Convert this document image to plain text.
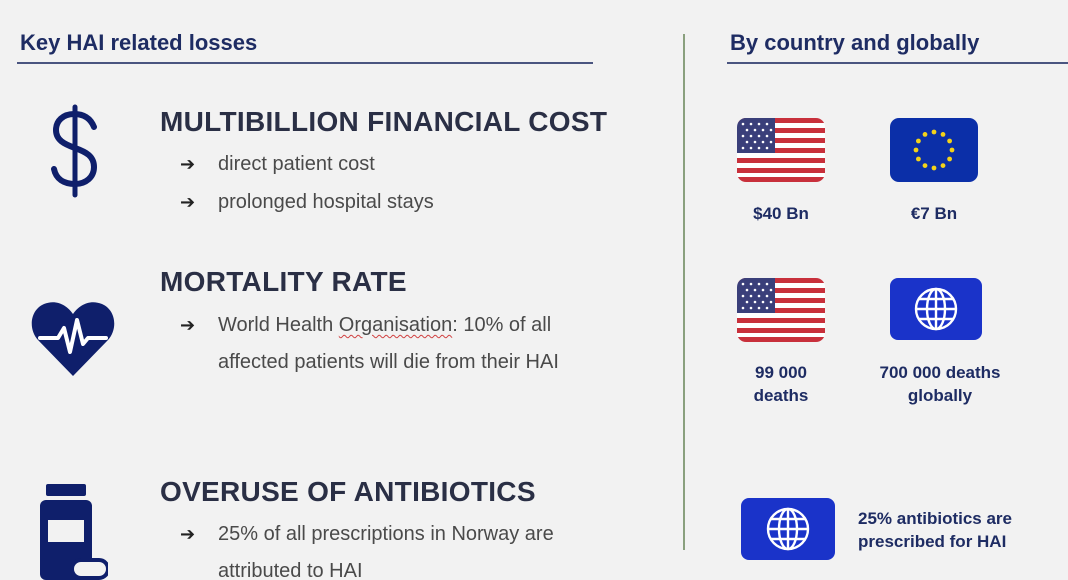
Key HAI related losses	By country and globally
MULTIBILLION FINANCIAL COST
➔	direct patient cost
➔	prolonged hospital stays
MORTALITY RATE
➔	World Health Organisation: 10% of all
affected patients will die from their HAI
OVERUSE OF ANTIBIOTICS
➔	25% of all prescriptions in Norway are
attributed to HAI
$40 Bn	€7 Bn
99 000
deaths
700 000 deaths
globally
25% antibiotics are
prescribed for HAI
